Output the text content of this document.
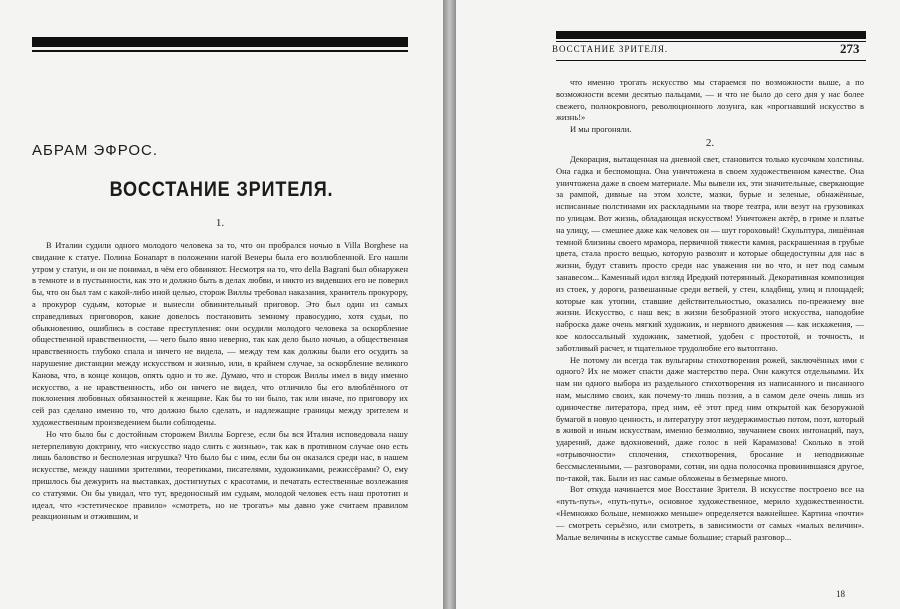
АБРАМ ЭФРОС.
ВОССТАНИЕ ЗРИТЕЛЯ.
1.

В Италии судили одного молодого человека за то, что он пробрался ночью в Villa Borghese на свидание к статуе. Полина Бонапарт в положении нагой Венеры была его возлюбленной. Его нашли утром у статуи, и он не понимал, в чём его обвиняют. Несмотря на то, что della Bagrani был обнаружен в темноте и в пустынности, как это и должно быть в делах любви, и никто из видевших его не поверил бы, что он был там с какой-либо иной целью, сторож Виллы требовал наказания, хранитель прокурору, а прокурор судьям, которые и вынесли обвинительный приговор. Это был один из самых справедливых приговоров, какие довелось постановить земному правосудию, хотя судьи, по обыкновению, ошиблись в составе преступления: они осудили молодого человека за оскорбление общественной нравственности, — чего было явно неверно, так как дело было ночью, а общественная нравственность глубоко спала и ничего не видела, — между тем как должны были его осудить за нарушение дистанции между искусством и жизнью, или, в крайнем случае, за оскорбление великого Канова, что, в конце концов, опять одно и то же. Думаю, что и сторож Виллы имел в виду именно искусство, а не нравственность, ибо он ничего не видел, что отличило бы его влюблённого от поклонения любовных обязанностей к женщине. Как бы то ни было, так или иначе, по приговору их сей раз сделано именно то, что должно было сделать, и надлежащие границы между зрителем и художественным произведением были соблюдены.

Но что было бы с достойным сторожем Виллы Боргезе, если бы вся Италия исповедовала нашу нетерпеливую доктрину, что «искусство надо слить с жизнью», так как в противном случае оно есть лишь баловство и бесполезная игрушка? Что было бы с ним, если бы он оказался среди нас, в нашем искусстве, между нашими зрителями, теоретиками, писателями, художниками, режиссёрами? О, ему пришлось бы дежурить на выставках, достигнутых с красотами, и печатать естественные возлежания со статуями. Он бы увидал, что тут, вредоносный им судьям, молодой человек есть наш прототип и идеал, что «эстетическое правило» «смотреть, но не трогать» мы давно уже считаем правилом реакционным и отжившим, и

ВОССТАНИЕ ЗРИТЕЛЯ.	273

что именно трогать искусство мы стараемся по возможности выше, а по возможности всеми десятью пальцами, — и что не было до сего дня у нас более свежего, полнокровного, революционного лозунга, как «прогнавший искусство в жизнь!»

И мы прогоняли.

2.

Декорация, вытащенная на дневной свет, становится только кусочком холстины. Она гадка и беспомощна. Она уничтожена в своем художественном качестве. Она уничтожена даже в своем материале. Мы вывели их, эти значительные, сверкающие за рампой, дивные на этом холсте, мазки, бурые и зеленые, обнажённые, исписанные полстинами их раскладными на творе театра, или везут на грузовиках по улицам. Вот жизнь, обладающая искусством! Уничтожен актёр, в гриме и платье на улицу, — смешнее даже как человек он — шут гороховый! Скульптура, лишённая темной близины своего мрамора, первичной тяжести камня, раскрашенная в грубые цвета, стала просто вещью, которую развозят и которые общедоступны для нас в жизни, будут ставить просто среди нас уважения ни во что, и нет под самым занавесом... Каменный идол взгляд Иредкий потерянный. Декоративная композиция из стоек, у дороги, развешанные среди ветвей, у стен, кладбищ, улиц и площадей; которые как утопии, ставшие действительностью, оказались по-прежнему вне жизни. Искусство, с наш век; в жизни безобразной этого искусства, наподобие наброска даже очень мягкий художник, и нервного движения — как искажения, — кое колоссальный художник, заметной, удобен с простотой, и точность, и заботливый расчет, и тщательное трудолюбие его вытоптано.

Не потому ли всегда так вульгарны стихотворения рожей, заключённых ими с одного? Их не может спасти даже мастерство пера. Они кажутся отдельными. Их нам ни одного выбора из раздельного стихотворения из написанного и писанного нам, мыслимо своих, как почему-то лишь поэзия, а в самом деле очень лишь из одиночестве литератора, пред ним, её этот пред ним открытой как безоружной бумагой в новую ценность, и литературу этот неудержимостью потом, поэт, который в живой и иным искусствам, именно безмолвно, звучанием своих интонаций, пауз, ударений, даже вдохновений, даже голос в ней Карамазова! Сколько в этой «отрывочности» сплочения, стихотворения, бросание и неподвижные бессмысленными, — разговорами, сотни, ни одна полосочка провинившаяся другое, по-такой, так. Были из нас самые обложены в безмерные много.

Вот откуда начинается мое Восстание Зрителя. В искусстве построено все на «путь-путь», «путь-путь», основное художественное, мерило художественности. «Немножко больше, немножко меньше» определяется важнейшее. Картина «почти» — смотреть серьёзно, или смотреть, в зависимости от самых «малых величин». Малые величины в искусстве самые большие; старый разговор...

18
